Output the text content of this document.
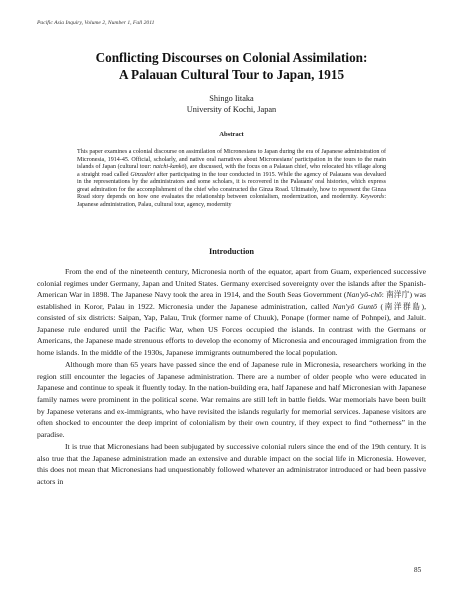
Pacific Asia Inquiry, Volume 2, Number 1, Fall 2011
Conflicting Discourses on Colonial Assimilation:
A Palauan Cultural Tour to Japan, 1915
Shingo Iitaka
University of Kochi, Japan
Abstract

This paper examines a colonial discourse on assimilation of Micronesians to Japan during the era of Japanese administration of Micronesia, 1914-45. Official, scholarly, and native oral narratives about Micronesians' participation in the tours to the main islands of Japan (cultural tour: naichi-kankō), are discussed, with the focus on a Palauan chief, who relocated his village along a straight road called Ginzadōri after participating in the tour conducted in 1915. While the agency of Palauans was devalued in the representations by the administrators and some scholars, it is recovered in the Palauans' oral histories, which express great admiration for the accomplishment of the chief who constructed the Ginza Road. Ultimately, how to represent the Ginza Road story depends on how one evaluates the relationship between colonialism, modernization, and modernity. Keywords: Japanese administration, Palau, cultural tour, agency, modernity

Introduction

From the end of the nineteenth century, Micronesia north of the equator, apart from Guam, experienced successive colonial regimes under Germany, Japan and United States. Germany exercised sovereignty over the islands after the Spanish-American War in 1898. The Japanese Navy took the area in 1914, and the South Seas Government (Nan'yō-chō: 南洋庁) was established in Koror, Palau in 1922. Micronesia under the Japanese administration, called Nan'yō Guntō (南洋群島), consisted of six districts: Saipan, Yap, Palau, Truk (former name of Chuuk), Ponape (former name of Pohnpei), and Jaluit. Japanese rule endured until the Pacific War, when US Forces occupied the islands. In contrast with the Germans or Americans, the Japanese made strenuous efforts to develop the economy of Micronesia and encouraged immigration from the home islands. In the middle of the 1930s, Japanese immigrants outnumbered the local population.

Although more than 65 years have passed since the end of Japanese rule in Micronesia, researchers working in the region still encounter the legacies of Japanese administration. There are a number of older people who were educated in Japanese and continue to speak it fluently today. In the nation-building era, half Japanese and half Micronesian with Japanese family names were prominent in the political scene. War remains are still left in battle fields. War memorials have been built by Japanese veterans and ex-immigrants, who have revisited the islands regularly for memorial services. Japanese visitors are often shocked to encounter the deep imprint of colonialism by their own country, if they expect to find “otherness” in the paradise.

It is true that Micronesians had been subjugated by successive colonial rulers since the end of the 19th century. It is also true that the Japanese administration made an extensive and durable impact on the social life in Micronesia. However, this does not mean that Micronesians had unquestionably followed whatever an administrator introduced or had been passive actors in

85
